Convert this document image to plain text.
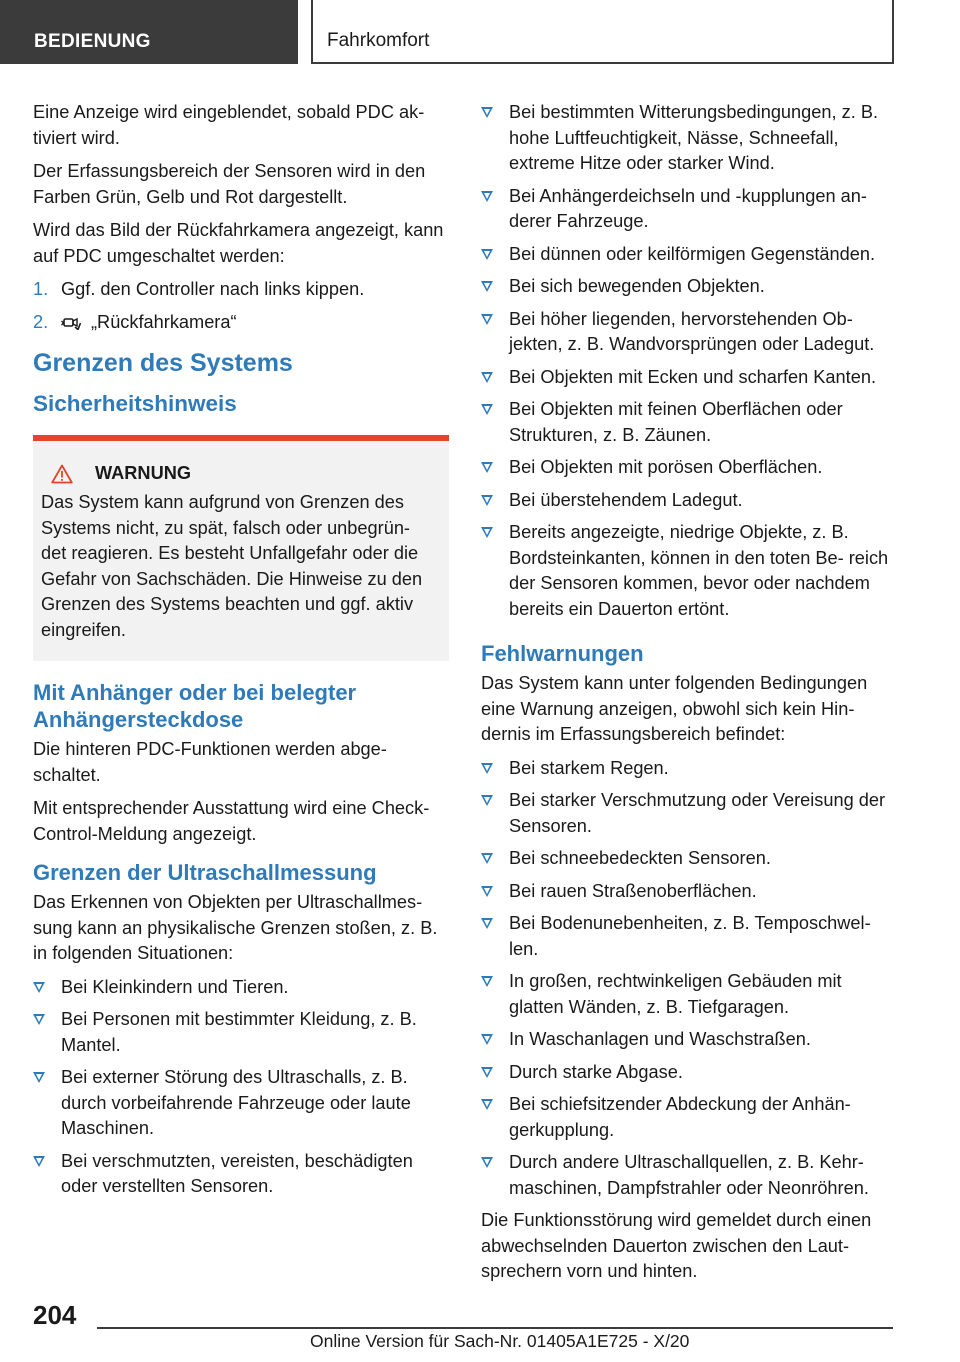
BEDIENUNG	Fahrkomfort

Eine Anzeige wird eingeblendet, sobald PDC ak‐ tiviert wird.

Der Erfassungsbereich der Sensoren wird in den Farben Grün, Gelb und Rot dargestellt.

Wird das Bild der Rückfahrkamera angezeigt, kann auf PDC umgeschaltet werden:

1. Ggf. den Controller nach links kippen.
2. „Rückfahrkamera“
Grenzen des Systems
Sicherheitshinweis
WARNUNG

Das System kann aufgrund von Grenzen des Systems nicht, zu spät, falsch oder unbegrün‐ det reagieren. Es besteht Unfallgefahr oder die Gefahr von Sachschäden. Die Hinweise zu den Grenzen des Systems beachten und ggf. aktiv eingreifen.

Mit Anhänger oder bei belegter Anhängersteckdose

Die hinteren PDC-Funktionen werden abge‐ schaltet.

Mit entsprechender Ausstattung wird eine Check-Control-Meldung angezeigt.

Grenzen der Ultraschallmessung

Das Erkennen von Objekten per Ultraschallmes‐ sung kann an physikalische Grenzen stoßen, z. B. in folgenden Situationen:

Bei Kleinkindern und Tieren.
Bei Personen mit bestimmter Kleidung, z. B. Mantel.
Bei externer Störung des Ultraschalls, z. B. durch vorbeifahrende Fahrzeuge oder laute Maschinen.
Bei verschmutzten, vereisten, beschädigten oder verstellten Sensoren.
Bei bestimmten Witterungsbedingungen, z. B. hohe Luftfeuchtigkeit, Nässe, Schneefall, extreme Hitze oder starker Wind.
Bei Anhängerdeichseln und -kupplungen an‐ derer Fahrzeuge.
Bei dünnen oder keilförmigen Gegenständen.
Bei sich bewegenden Objekten.
Bei höher liegenden, hervorstehenden Ob‐ jekten, z. B. Wandvorsprüngen oder Ladegut.
Bei Objekten mit Ecken und scharfen Kanten.
Bei Objekten mit feinen Oberflächen oder Strukturen, z. B. Zäunen.
Bei Objekten mit porösen Oberflächen.
Bei überstehendem Ladegut.
Bereits angezeigte, niedrige Objekte, z. B. Bordsteinkanten, können in den toten Be‐ reich der Sensoren kommen, bevor oder nachdem bereits ein Dauerton ertönt.
Fehlwarnungen

Das System kann unter folgenden Bedingungen eine Warnung anzeigen, obwohl sich kein Hin‐ dernis im Erfassungsbereich befindet:

Bei starkem Regen.
Bei starker Verschmutzung oder Vereisung der Sensoren.
Bei schneebedeckten Sensoren.
Bei rauen Straßenoberflächen.
Bei Bodenunebenheiten, z. B. Temposchwel‐ len.
In großen, rechtwinkeligen Gebäuden mit glatten Wänden, z. B. Tiefgaragen.
In Waschanlagen und Waschstraßen.
Durch starke Abgase.
Bei schiefsitzender Abdeckung der Anhän‐ gerkupplung.
Durch andere Ultraschallquellen, z. B. Kehr‐ maschinen, Dampfstrahler oder Neonröhren.

Die Funktionsstörung wird gemeldet durch einen abwechselnden Dauerton zwischen den Laut‐ sprechern vorn und hinten.

204
Online Version für Sach-Nr. 01405A1E725 - X/20
